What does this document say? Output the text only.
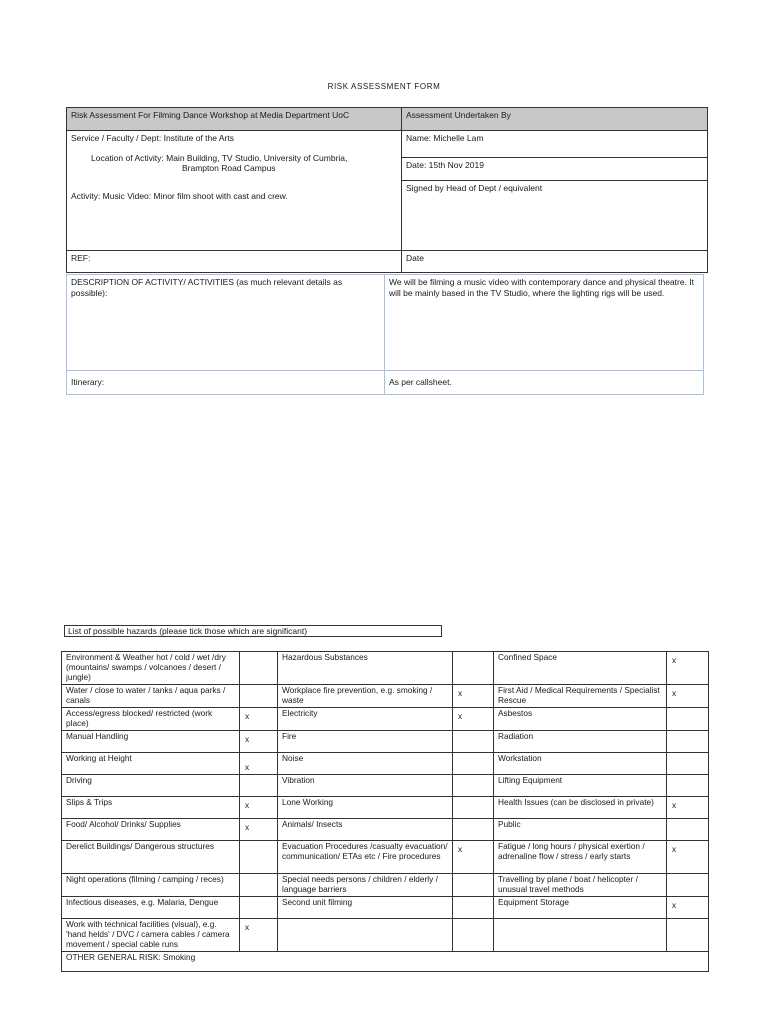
RISK ASSESSMENT FORM
Risk Assessment For Filming Dance Workshop at Media Department UoC	Assessment Undertaken By

Service / Faculty / Dept: Institute of the Arts
Location of Activity: Main Building, TV Studio, University of Cumbria,
Brampton Road Campus
Activity: Music Video: Minor film shoot with cast and crew.	Name: Michelle Lam
	Date: 15th Nov 2019
	Signed by Head of Dept / equivalent
REF:	Date
DESCRIPTION OF ACTIVITY/ ACTIVITIES (as much relevant details as possible):	We will be filming a music video with contemporary dance and physical theatre. It will be mainly based in the TV Studio, where the lighting rigs will be used.
Itinerary:	As per callsheet.
List of possible hazards (please tick those which are significant)
Environment & Weather hot / cold / wet /dry (mountains/ swamps / volcanoes / desert / jungle)		Hazardous Substances		Confined Space	x
Water / close to water / tanks / aqua parks / canals		Workplace fire prevention, e.g. smoking / waste	x	First Aid / Medical Requirements / Specialist Rescue	x
Access/egress blocked/ restricted (work place)	x	Electricity	x	Asbestos	
Manual Handling	x	Fire		Radiation	
Working at Height	x	Noise		Workstation	
Driving		Vibration		Lifting Equipment	
Slips & Trips	x	Lone Working		Health Issues (can be disclosed in private)	x
Food/ Alcohol/ Drinks/ Supplies	x	Animals/ Insects		Public	
Derelict Buildings/ Dangerous structures		Evacuation Procedures /casualty evacuation/ communication/ ETAs etc / Fire procedures	x	Fatigue / long hours / physical exertion / adrenaline flow / stress / early starts	x
Night operations (filming / camping / reces)		Special needs persons / children / elderly / language barriers		Travelling by plane / boat / helicopter / unusual travel methods	
Infectious diseases, e.g. Malaria, Dengue		Second unit filming		Equipment Storage	x
Work with technical facilities (visual), e.g. 'hand helds' / DVC / camera cables / camera movement / special cable runs	x				
OTHER GENERAL RISK: Smoking					
